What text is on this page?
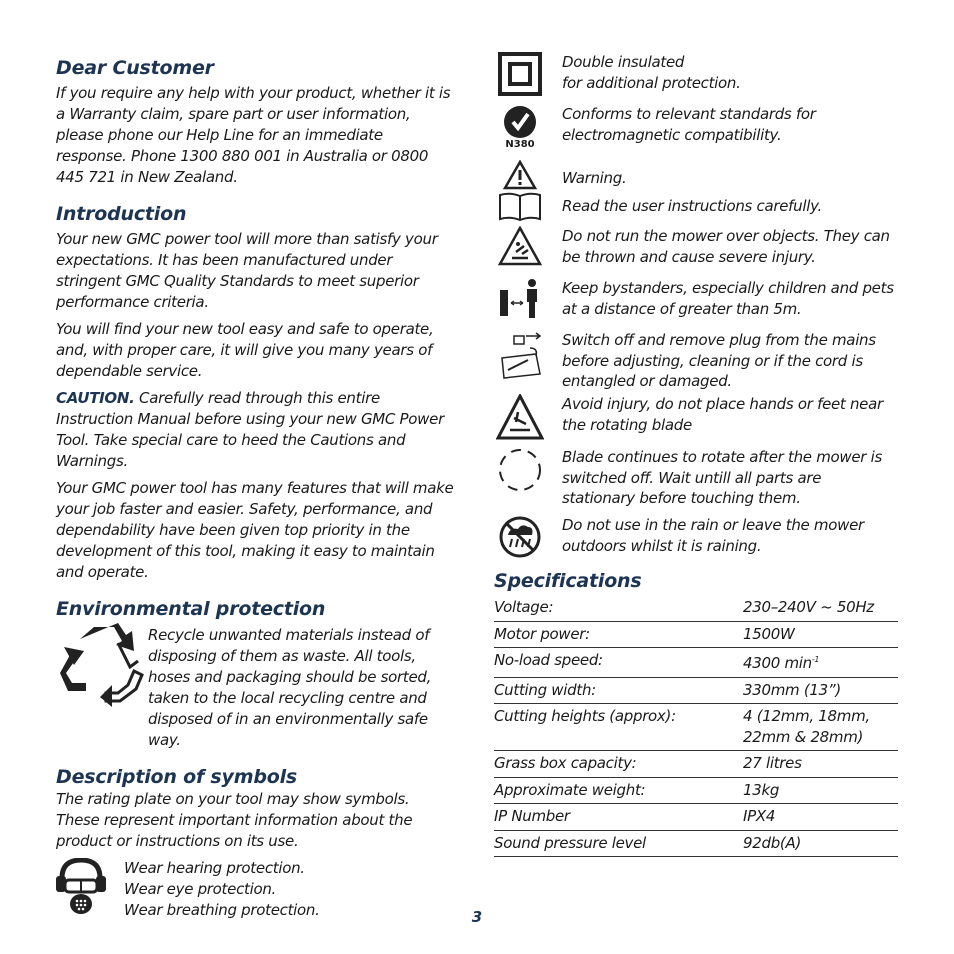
Dear Customer

If you require any help with your product, whether it is a Warranty claim, spare part or user information, please phone our Help Line for an immediate response. Phone 1300 880 001 in Australia or 0800 445 721 in New Zealand.

Introduction

Your new GMC power tool will more than satisfy your expectations. It has been manufactured under stringent GMC Quality Standards to meet superior performance criteria.

You will find your new tool easy and safe to operate, and, with proper care, it will give you many years of dependable service.

CAUTION. Carefully read through this entire Instruction Manual before using your new GMC Power Tool. Take special care to heed the Cautions and Warnings.

Your GMC power tool has many features that will make your job faster and easier. Safety, performance, and dependability have been given top priority in the development of this tool, making it easy to maintain and operate.

Environmental protection

Recycle unwanted materials instead of disposing of them as waste. All tools, hoses and packaging should be sorted, taken to the local recycling centre and disposed of in an environmentally safe way.

Description of symbols

The rating plate on your tool may show symbols. These represent important information about the product or instructions on its use.

Wear hearing protection.

Wear eye protection.

Wear breathing protection.

Double insulated
for additional protection.

N380

Conforms to relevant standards for electromagnetic compatibility.

Warning.

Read the user instructions carefully.

Do not run the mower over objects. They can be thrown and cause severe injury.

Keep bystanders, especially children and pets at a distance of greater than 5m.

Switch off and remove plug from the mains before adjusting, cleaning or if the cord is entangled or damaged.

Avoid injury, do not place hands or feet near the rotating blade

Blade continues to rotate after the mower is switched off. Wait untill all parts are stationary before touching them.

Do not use in the rain or leave the mower outdoors whilst it is raining.

Specifications
Voltage:	230–240V ~ 50Hz
Motor power:	1500W
No-load speed:	4300 $\min^{-1}$
Cutting width:	330mm (13”)
Cutting heights (approx):	4 (12mm, 18mm, 22mm & 28mm)
Grass box capacity:	27 litres
Approximate weight:	13kg
IP Number	IPX4
Sound pressure level	92db(A)
3
